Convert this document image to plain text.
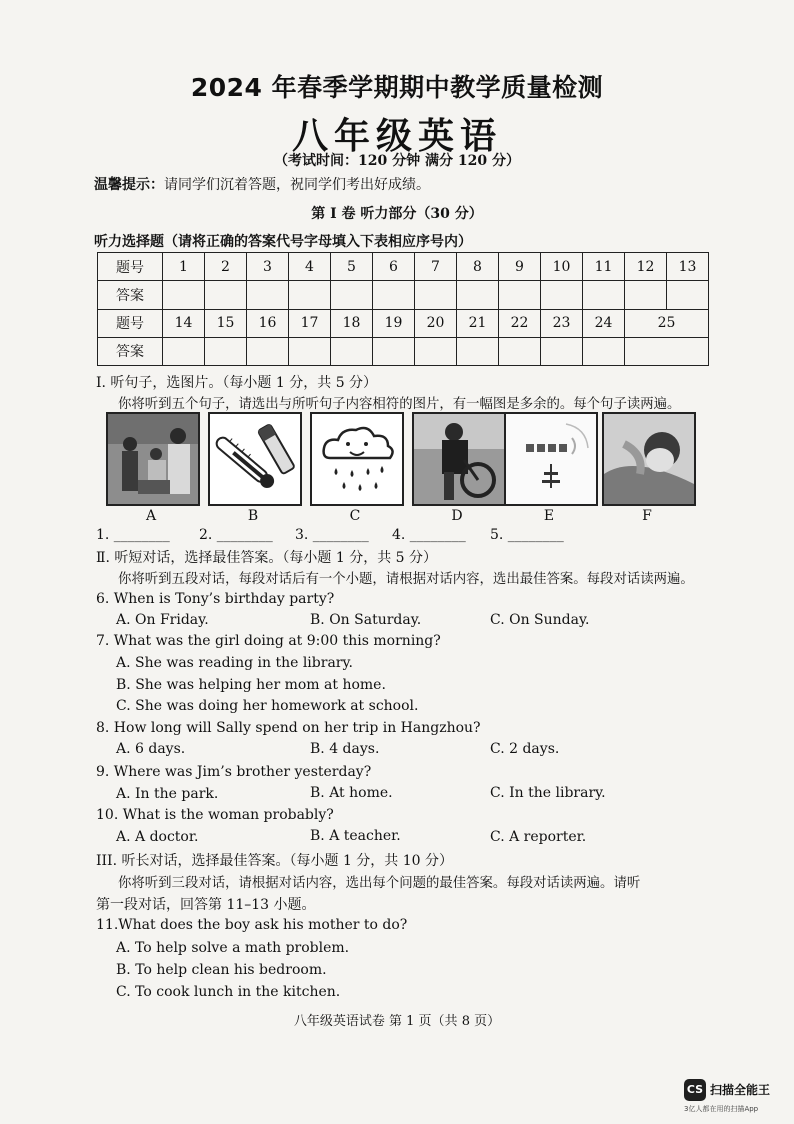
2024 年春季学期期中教学质量检测
八年级英语
（考试时间：120 分钟 满分 120 分）
温馨提示：请同学们沉着答题，祝同学们考出好成绩。
第 Ⅰ 卷 听力部分（30 分）
听力选择题（请将正确的答案代号字母填入下表相应序号内）
题号	1	2	3	4	5	6	7	8	9	10	11	12	13
答案													
题号	14	15	16	17	18	19	20	21	22	23	24	25	
答案													
Ⅰ. 听句子，选图片。（每小题 1 分，共 5 分）
你将听到五个句子，请选出与所听句子内容相符的图片，有一幅图是多余的。每个句子读两遍。
A	B	C	D	E	F
1. ________ 2. ________ 3. ________ 4. ________ 5. ________
Ⅱ. 听短对话，选择最佳答案。（每小题 1 分，共 5 分）
你将听到五段对话，每段对话后有一个小题，请根据对话内容，选出最佳答案。每段对话读两遍。
6. When is Tony’s birthday party?
A. On Friday.	B. On Saturday.	C. On Sunday.
7. What was the girl doing at 9:00 this morning?
A. She was reading in the library.
B. She was helping her mom at home.
C. She was doing her homework at school.
8. How long will Sally spend on her trip in Hangzhou?
A. 6 days.	B. 4 days.	C. 2 days.
9. Where was Jim’s brother yesterday?
A. In the park.	B. At home.	C. In the library.
10. What is the woman probably?
A. A doctor.	B. A teacher.	C. A reporter.
III. 听长对话，选择最佳答案。（每小题 1 分，共 10 分）
你将听到三段对话，请根据对话内容，选出每个问题的最佳答案。每段对话读两遍。请听
第一段对话，回答第 11–13 小题。
11.What does the boy ask his mother to do?
A. To help solve a math problem.
B. To help clean his bedroom.
C. To cook lunch in the kitchen.
八年级英语试卷 第 1 页（共 8 页）
CS 扫描全能王
3亿人都在用的扫描App
